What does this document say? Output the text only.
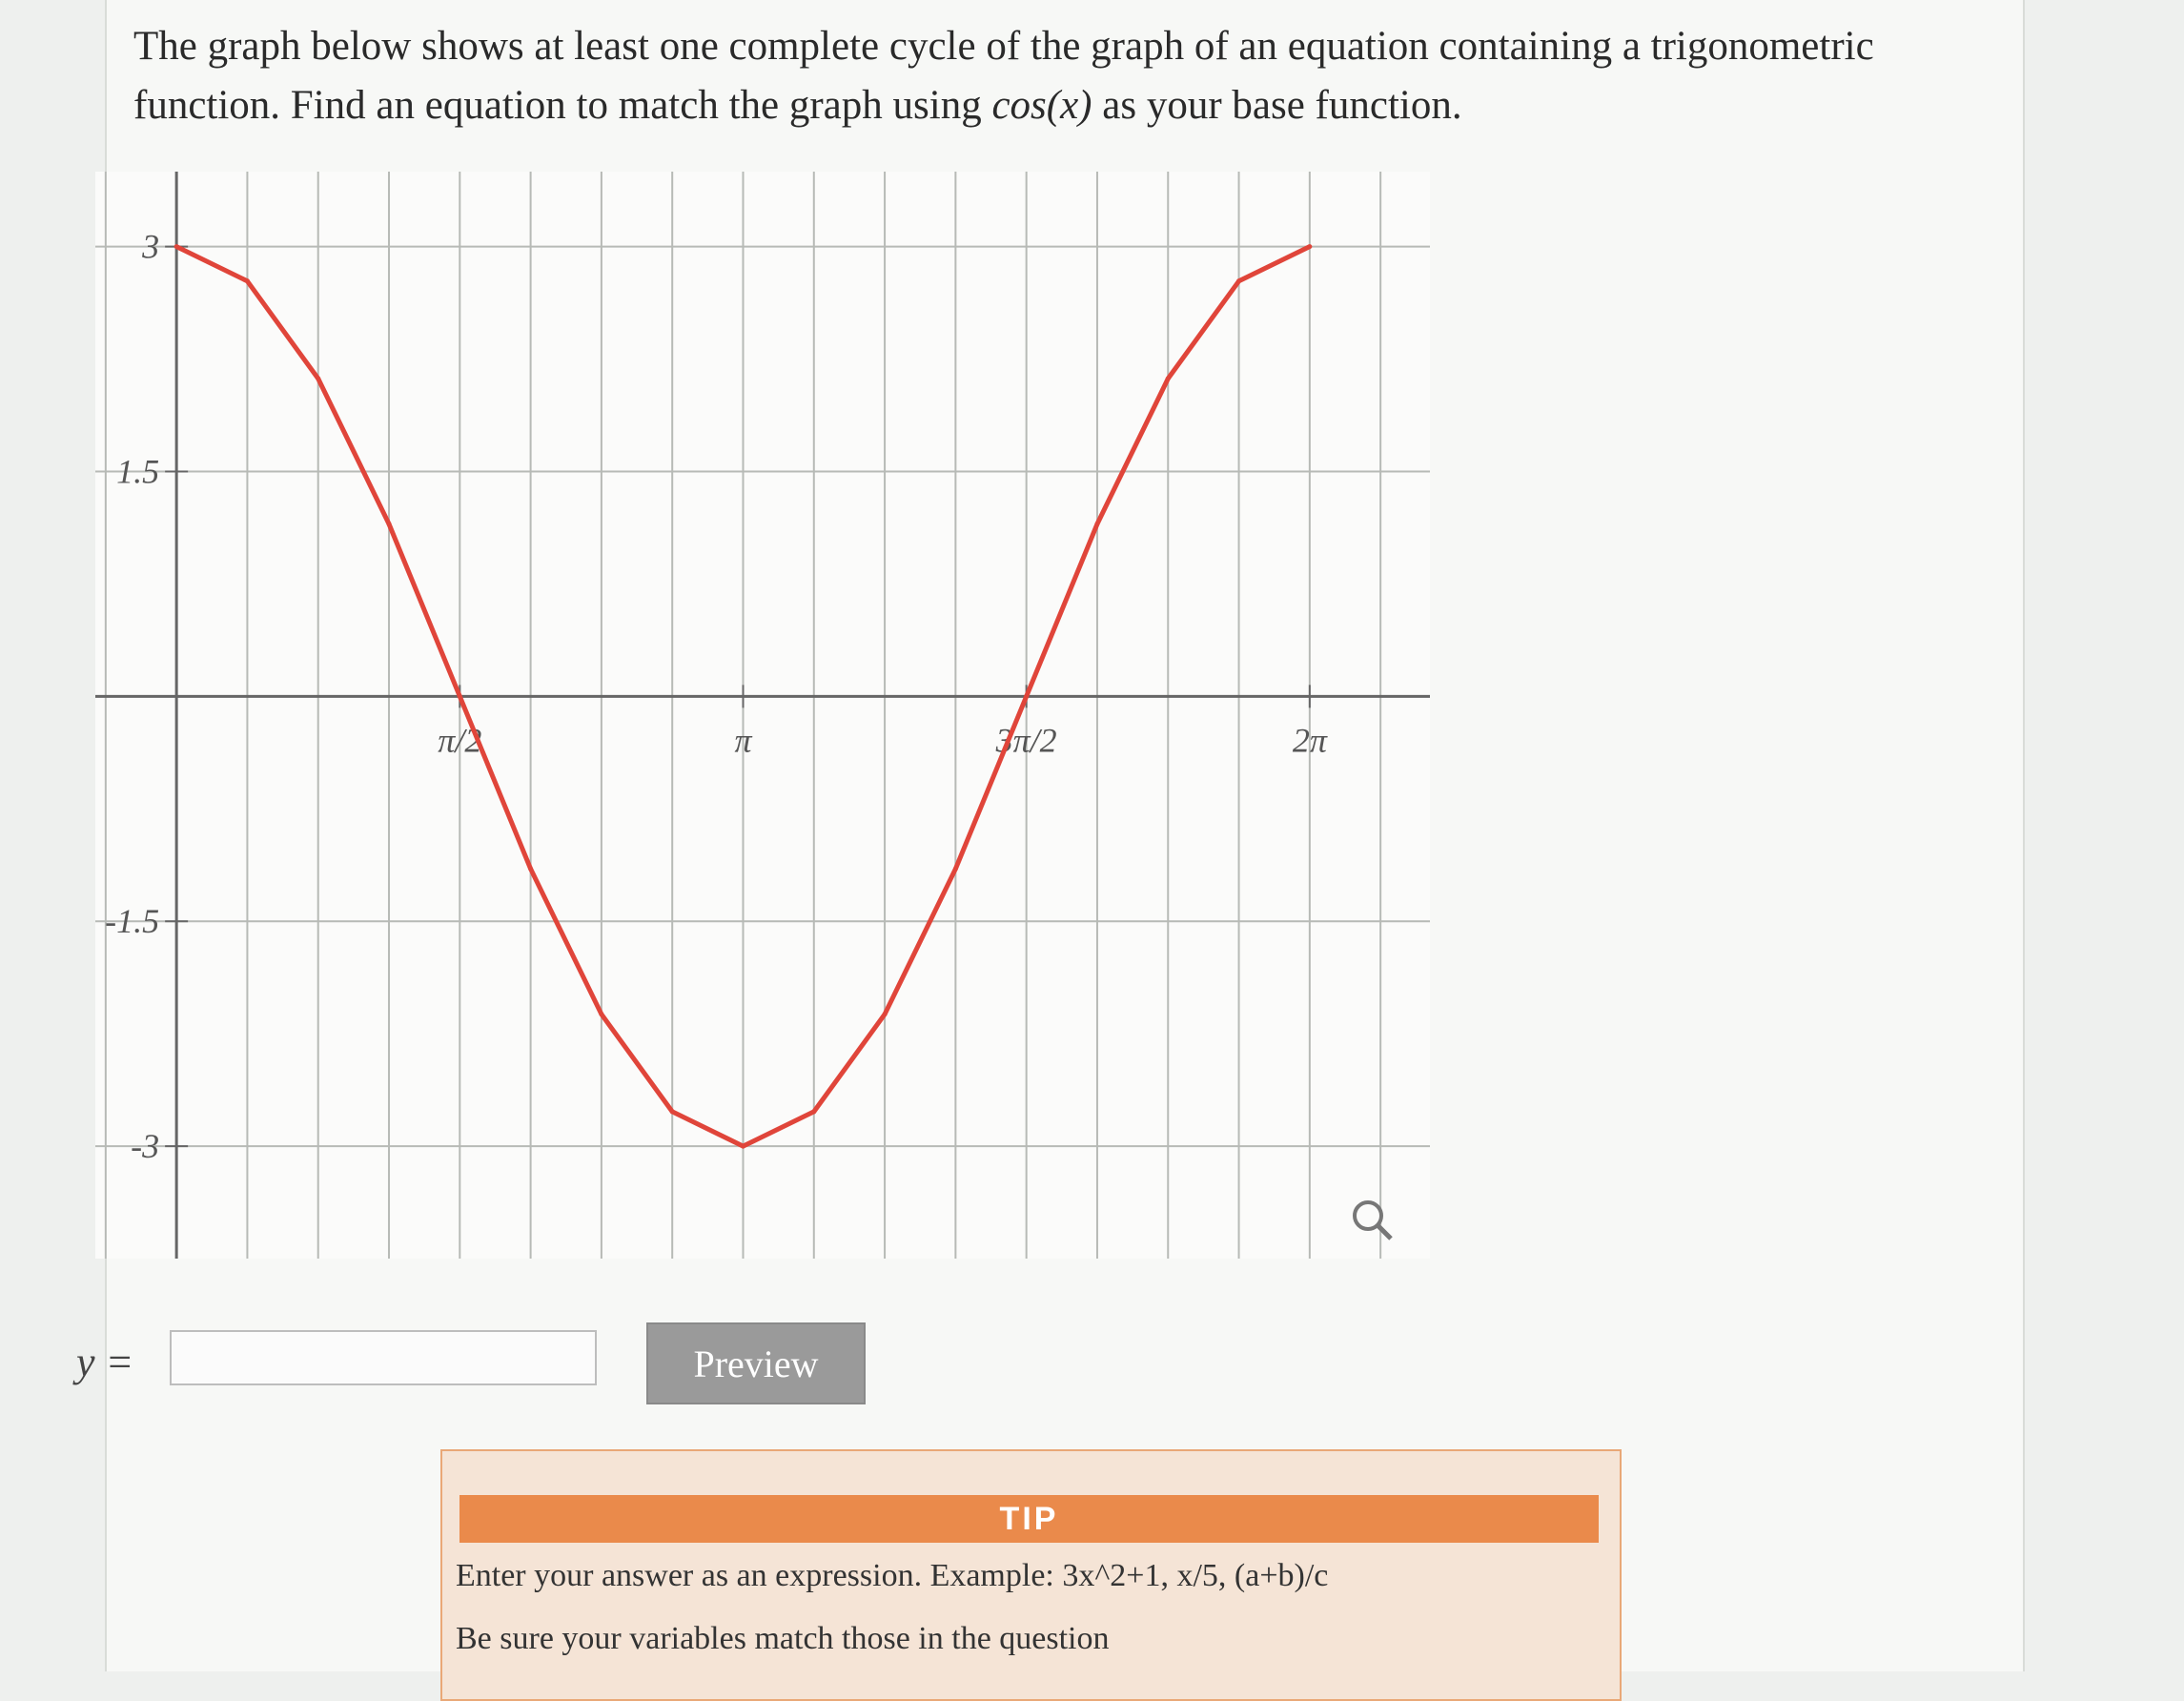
The graph below shows at least one complete cycle of the graph of an equation containing a trigonometric function. Find an equation to match the graph using cos(x) as your base function.
3
1.5
-1.5
-3
π/2	π	3π/2	2π
y =	Preview
TIP
Enter your answer as an expression. Example: 3x^2+1, x/5, (a+b)/c
Be sure your variables match those in the question
